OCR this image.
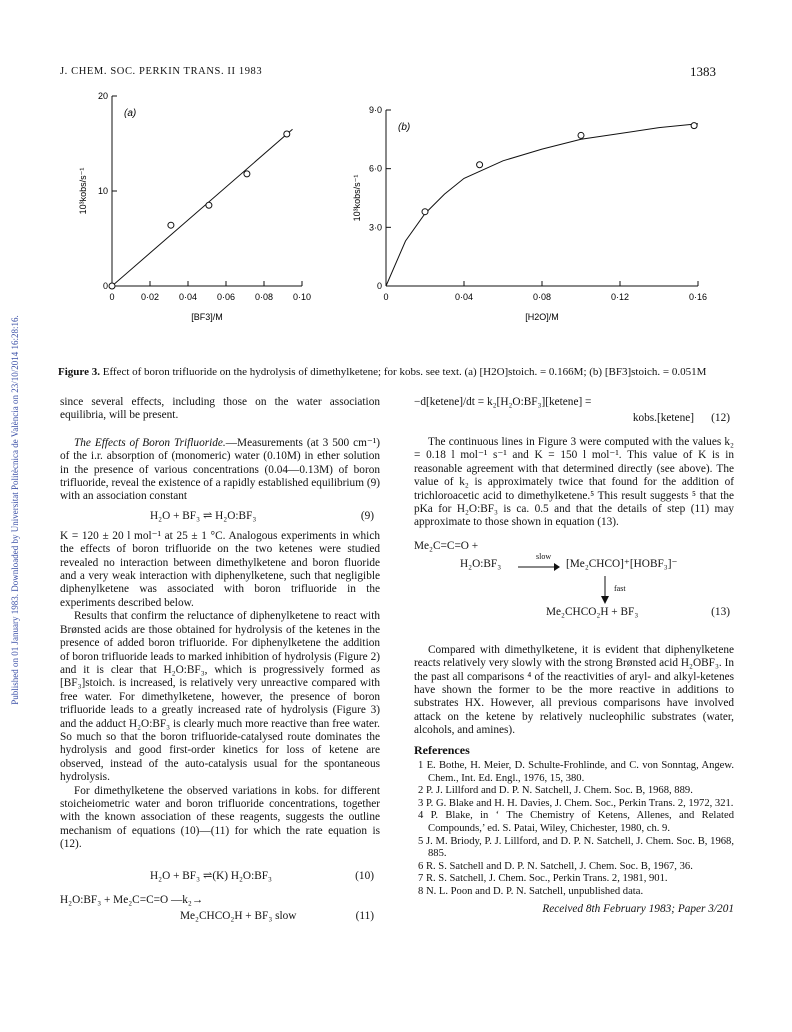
J. CHEM. SOC. PERKIN TRANS. II 1983	1383
Published on 01 January 1983. Downloaded by Universitat Politècnica de València on 23/10/2014 16:28:16.
0	0·02 0·04 0·06 0·08 0·10
0
10
20
(a)
[BF3]/M
10³kobs/s⁻¹
0	0·04	0·08	0·12	0·16
0
3·0
6·0
9·0
(b)
[H2O]/M
10³kobs/s⁻¹
Figure 3. Effect of boron trifluoride on the hydrolysis of dimethylketene; for kobs. see text. (a) [H2O]stoich. = 0.166M; (b) [BF3]stoich. = 0.051M

since several effects, including those on the water association equilibria, will be present.

The Effects of Boron Trifluoride.—Measurements (at 3 500 cm⁻¹) of the i.r. absorption of (monomeric) water (0.10M) in ether solution in the presence of various concentrations (0.04—0.13M) of boron trifluoride, reveal the existence of a rapidly established equilibrium (9) with an association constant

H₂O + BF₃ ⇌ H₂O:BF₃	(9)

K = 120 ± 20 l mol⁻¹ at 25 ± 1 °C. Analogous experiments in which the effects of boron trifluoride on the two ketenes were studied revealed no interaction between dimethylketene and boron fluoride and a very weak interaction with diphenylketene, such that negligible diphenylketene was associated with boron trifluoride in the experiments described below.

Results that confirm the reluctance of diphenylketene to react with Brønsted acids are those obtained for hydrolysis of the ketenes in the presence of added boron trifluoride. For diphenylketene the addition of boron trifluoride leads to marked inhibition of hydrolysis (Figure 2) and it is clear that H₂O:BF₃, which is progressively formed as [BF₃]stoich. is increased, is relatively very unreactive compared with free water. For dimethylketene, however, the presence of boron trifluoride leads to a greatly increased rate of hydrolysis (Figure 3) and the adduct H₂O:BF₃ is clearly much more reactive than free water. So much so that the boron trifluoride-catalysed route dominates the hydrolysis and good first-order kinetics for loss of ketene are observed, instead of the auto-catalysis usual for the spontaneous hydrolysis.

For dimethylketene the observed variations in kobs. for different stoicheiometric water and boron trifluoride concentrations, together with the known association of these reagents, suggests the outline mechanism of equations (10)—(11) for which the rate equation is (12).

H₂O + BF₃ ⇌(K) H₂O:BF₃	(10)
H₂O:BF₃ + Me₂C=C=O —k₂→
Me₂CHCO₂H + BF₃ slow	(11)
−d[ketene]/dt = k₂[H₂O:BF₃][ketene] =
kobs.[ketene] (12)

The continuous lines in Figure 3 were computed with the values k₂ = 0.18 l mol⁻¹ s⁻¹ and K = 150 l mol⁻¹. This value of K is in reasonable agreement with that determined directly (see above). The value of k₂ is approximately twice that found for the addition of trichloroacetic acid to dimethylketene.⁵ This result suggests ⁵ that the pKa for H₂O:BF₃ is ca. 0.5 and that the details of step (11) may approximate to those shown in equation (13).

Me₂C=C=O +
H₂O:BF₃
slow
[Me₂CHCO]⁺[HOBF₃]⁻
fast
Me₂CHCO₂H + BF₃	(13)

Compared with dimethylketene, it is evident that diphenylketene reacts relatively very slowly with the strong Brønsted acid H₂OBF₃. In the past all comparisons ⁴ of the reactivities of aryl- and alkyl-ketenes have shown the former to be the more reactive in additions to substrates HX. However, all previous comparisons have involved attack on the ketene by relatively nucleophilic substrates (water, alcohols, and amines).

References
1 E. Bothe, H. Meier, D. Schulte-Frohlinde, and C. von Sonntag, Angew. Chem., Int. Ed. Engl., 1976, 15, 380.
2 P. J. Lillford and D. P. N. Satchell, J. Chem. Soc. B, 1968, 889.
3 P. G. Blake and H. H. Davies, J. Chem. Soc., Perkin Trans. 2, 1972, 321.
4 P. Blake, in ‘ The Chemistry of Ketens, Allenes, and Related Compounds,’ ed. S. Patai, Wiley, Chichester, 1980, ch. 9.
5 J. M. Briody, P. J. Lillford, and D. P. N. Satchell, J. Chem. Soc. B, 1968, 885.
6 R. S. Satchell and D. P. N. Satchell, J. Chem. Soc. B, 1967, 36.
7 R. S. Satchell, J. Chem. Soc., Perkin Trans. 2, 1981, 901.
8 N. L. Poon and D. P. N. Satchell, unpublished data.
Received 8th February 1983; Paper 3/201
